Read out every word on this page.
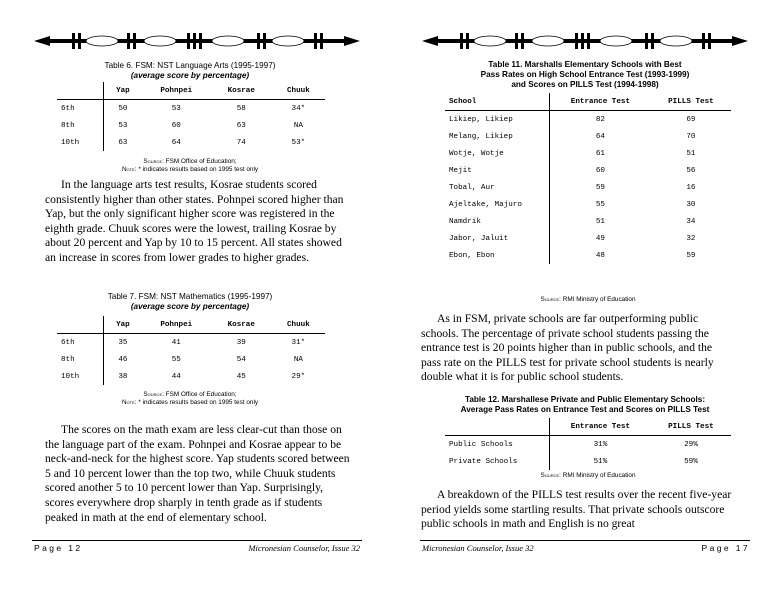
Table 6. FSM: NST Language Arts (1995-1997)
(average score by percentage)
	Yap	Pohnpei	Kosrae	Chuuk
6th	50	53	58	34*
8th	53	60	63	NA
10th	63	64	74	53*
Source: FSM Office of Education;
Note: * indicates results based on 1995 test only

In the language arts test results, Kosrae students scored consistently higher than other states. Pohnpei scored higher than Yap, but the only significant higher score was registered in the eighth grade. Chuuk scores were the lowest, trailing Kosrae by about 20 percent and Yap by 10 to 15 percent. All states showed an increase in scores from lower grades to higher grades.

Table 7. FSM: NST Mathematics (1995-1997)
(average score by percentage)
	Yap	Pohnpei	Kosrae	Chuuk
6th	35	41	39	31*
8th	46	55	54	NA
10th	38	44	45	29*
Source: FSM Office of Education;
Note: * indicates results based on 1995 test only

The scores on the math exam are less clear-cut than those on the language part of the exam. Pohnpei and Kosrae appear to be neck-and-neck for the highest score. Yap students scored between 5 and 10 percent lower than the top two, while Chuuk students scored another 5 to 10 percent lower than Yap. Surprisingly, scores everywhere drop sharply in tenth grade as if students peaked in math at the end of elementary school.

Page 12	Micronesian Counselor, Issue 32
Table 11. Marshalls Elementary Schools with Best
Pass Rates on High School Entrance Test (1993-1999)
and Scores on PILLS Test (1994-1998)
School	Entrance Test	PILLS Test
Likiep, Likiep	82	69
Melang, Likiep	64	70
Wotje, Wotje	61	51
Mejit	60	56
Tobal, Aur	59	16
Ajeltake, Majuro	55	30
Namdrik	51	34
Jabor, Jaluit	49	32
Ebon, Ebon	48	59
Source: RMI Ministry of Education

As in FSM, private schools are far outperforming public schools. The percentage of private school students passing the entrance test is 20 points higher than in public schools, and the pass rate on the PILLS test for private school students is nearly double what it is for public school students.

Table 12. Marshallese Private and Public Elementary Schools:
Average Pass Rates on Entrance Test and Scores on PILLS Test
	Entrance Test	PILLS Test
Public Schools	31%	29%
Private Schools	51%	59%
Source: RMI Ministry of Education

A breakdown of the PILLS test results over the recent five-year period yields some startling results. That private schools outscore public schools in math and English is no great

Micronesian Counselor, Issue 32	Page 17
